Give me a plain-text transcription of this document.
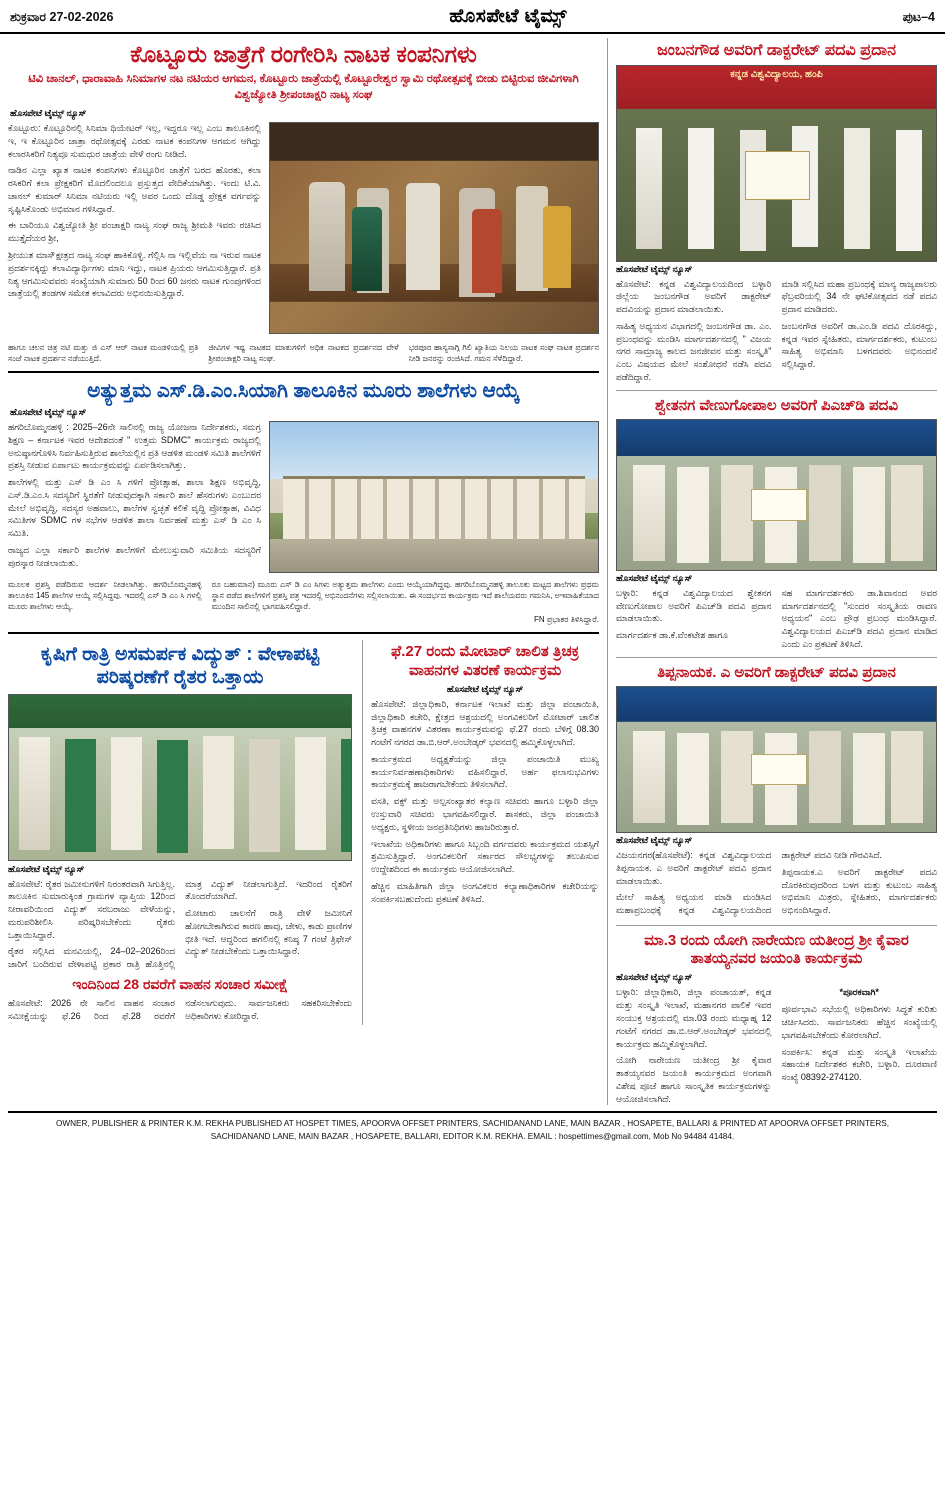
ಶುಕ್ರವಾರ 27-02-2026	ಹೊಸಪೇಟೆ ಟೈಮ್ಸ್	ಪುಟ–4
ಕೊಟ್ಟೂರು ಜಾತ್ರೆಗೆ ರಂಗೇರಿಸಿ ನಾಟಕ ಕಂಪನಿಗಳು
ಟಿವಿ ಚಾನಲ್, ಧಾರಾವಾಹಿ ಸಿನಿಮಾಗಳ ನಟ ನಟಿಯರ ಆಗಮನ, ಕೊಟ್ಟೂರು ಜಾತ್ರೆಯಲ್ಲಿ ಕೊಟ್ಟೂರೇಶ್ವರ ಸ್ವಾಮಿ ರಥೋತ್ಸವಕ್ಕೆ ಬೀಡು ಬಿಟ್ಟಿರುವ ಜೀವಿಗಳಾಗಿ ವಿಶ್ವಜ್ಯೋತಿ ಶ್ರೀಪಂಚಾಕ್ಷರಿ ನಾಟ್ಯ ಸಂಘ
ಹೊಸಪೇಟೆ ಟೈಮ್ಸ್ ನ್ಯೂಸ್

ಕೊಟ್ಟೂರು: ಕೊಟ್ಟೂರಿನಲ್ಲಿ ಸಿನಿಮಾ ಥಿಯೇಟರ್ ಇಲ್ಲ, ಇದ್ದರೂ ಇಲ್ಲ ಎಂಬ ತಾಲೂಕಿನಲ್ಲಿ ಇ, ಇ ಕೊಟ್ಟೂರಿನ ಜಾತ್ರಾ ರಥೋತ್ಸವಕ್ಕೆ ಎರಡು ನಾಟಕ ಕಂಪನಿಗಳ ಆಗಮನ ಆಗಿದ್ದು ಕಲಾರಸಿಕರಿಗೆ ನಿತ್ಯವೂ ಸುಮಧುರ ಜಾತ್ರೆಯ ವೇಳೆ ರಂಗು ನೀಡಿದೆ.

ನಾಡಿನ ಎಲ್ಲಾ ಖ್ಯಾತ ನಾಟಕ ಕಂಪನಿಗಳು ಕೊಟ್ಟೂರಿನ ಜಾತ್ರೆಗೆ ಬರದ ಹೊರತು, ಕಲಾ ರಸಿಕರಿಗೆ ಕಲಾ ಪ್ರೇಕ್ಷಕರಿಗೆ ಮೊದಲಿಂದಲೂ ಪ್ರಸ್ತುತ್ತದ ವೇದಿಕೆಯಾಗಿತ್ತು. ಇಂದು ಟಿ.ವಿ. ಚಾನಲ್ ಕುಮಾರ್ ಸಿನಿಮಾ ನಟಿಯರು ಇಲ್ಲಿ ಅವರ ಒಂದು ದೊಡ್ಡ ಪ್ರೇಕ್ಷಕ ವರ್ಗವನ್ನು ಸೃಷ್ಟಿಸಿಕೊಂಡು ಅಭಿಮಾನ ಗಳಿಸಿದ್ದಾರೆ.

ಈ ಬಾರಿಯೂ ವಿಶ್ವಜ್ಯೋತಿ ಶ್ರೀ ಪಂಚಾಕ್ಷರಿ ನಾಟ್ಯ ಸಂಘ ರಾಜ್ಯ ಶ್ರೀಮತಿ ಇವರು ರಚಿಸಿದ ಮುತ್ತೈದೆಯರ ಶ್ರೀ,

ಶ್ರೀಯುತ ಮಾಸ್ಕ್ಷೇತ್ರದ ನಾಟ್ಯ ಸಂಘ ಹಾಕಿಕೊಳ್ಳಿ. ಗೆಲ್ಲಿಸಿ ನಾ ಇಲ್ಲಿವೆಯ ನಾ ಇರುವ ನಾಟಕ ಪ್ರದರ್ಶನಕ್ಕಿದ್ದು ಕಲಾವಿದ್ಯಾರ್ಥಿಗಳು ಮಾನಿ ಇದ್ದು, ನಾಟಕ ಪ್ರಿಯರು ಆಗಮಿಸುತ್ತಿದ್ದಾರೆ. ಪ್ರತಿ ನಿತ್ಯ ಆಗಮಿಸುವವರು ಸಂಖ್ಯೆಯಾಗಿ ಸುಮಾರು 50 ರಿಂದ 60 ಜನರು ನಾಟಕ ಗುಂಪುಗಳಿಂದ ಜಾತ್ರೆಯಲ್ಲಿ ತಂಡಗಳ ಸಮೇತ ಕಲಾವಿದರು ಅಭಿನಯಿಸುತ್ತಿದ್ದಾರೆ.

ಹಾಗೂ ಚಲನ ಚಿತ್ರ ನಟಿ ಮತ್ತು ಜಿ ಎಸ್ ಆರ್ ನಾಟಕ ಮಂಡಳಿಯಲ್ಲಿ ಪ್ರತಿ ಸಂಜೆ ನಾಟಕ ಪ್ರದರ್ಶನ ನಡೆಯುತ್ತಿದೆ.

ಜೀವಿಗಳ ಇಷ್ಟ ನಾಟಕದ ಮಾತುಗಳಿಗೆ ಅಧಿಕ ನಾಟಕದ ಪ್ರದರ್ಶನದ ವೇಳೆ ಶ್ರೀಪಂಚಾಕ್ಷರಿ ನಾಟ್ಯ ಸಂಘ.

ಭರಪೂರ ಹಾಸ್ಯಸಾಗ್ಗಿ ಗಿಲಿ ಖ್ಯಾತಿಯ ನಿಲಯ ನಾಟಕ ಸಂಘ ನಾಟಕ ಪ್ರದರ್ಶನ ನೀಡಿ ಜನರನ್ನು ರಂಜಿಸಿದೆ. ಗಮನ ಸೆಳೆದಿದ್ದಾರೆ.

ಅತ್ಯುತ್ತಮ ಎಸ್‌.ಡಿ.ಎಂ.ಸಿಯಾಗಿ ತಾಲೂಕಿನ ಮೂರು ಶಾಲೆಗಳು ಆಯ್ಕೆ
ಹೊಸಪೇಟೆ ಟೈಮ್ಸ್ ನ್ಯೂಸ್

ಹಗರಿಬೊಮ್ಮನಹಳ್ಳಿ : 2025–26ನೇ ಸಾಲಿನಲ್ಲಿ ರಾಜ್ಯ ಯೋಜನಾ ನಿರ್ದೇಶಕರು, ಸಮಗ್ರ ಶಿಕ್ಷಣ – ಕರ್ನಾಟಕ ಇವರ ಆದೇಶದಂತೆ " ಉತ್ತಮ SDMC" ಕಾರ್ಯಕ್ರಮ ರಾಜ್ಯದಲ್ಲಿ ಅನುಷ್ಠಾನಗೊಳಿಸಿ ನಿರ್ವಹಿಸುತ್ತಿರುವ ಶಾಲೆಯಲ್ಲಿನ ಪ್ರತಿ ಆಡಳಿತ ಮಂಡಳಿ ಸಮಿತಿ ಶಾಲೆಗಳಿಗೆ ಪ್ರಶಸ್ತಿ ನೀಡುವ ಏರ್ಪಾಟು ಕಾರ್ಯಕ್ರಮವನ್ನು ಏರ್ಪಡಿಸಲಾಗಿತ್ತು.

ಶಾಲೆಗಳಲ್ಲಿ ಮತ್ತು ಎಸ್ ಡಿ ಎಂ ಸಿ ಗಳಿಗೆ ಪ್ರೋತ್ಸಾಹ, ಶಾಲಾ ಶಿಕ್ಷಣ ಅಭಿವೃದ್ಧಿ, ಎಸ್.ಡಿ.ಎಂ.ಸಿ ಸದಸ್ಯರಿಗೆ ಸ್ಥಿರತೆಗೆ ನೀಡುವುದಕ್ಕಾಗಿ ಸರ್ಕಾರಿ ಶಾಲೆ ಹೆಸರುಗಳು ಎಂಬುದರ ಮೇಲೆ ಅಭಿವೃದ್ಧಿ, ಸದಸ್ಯರ ಅಹವಾಲು, ಶಾಲೆಗಳ ಸ್ವಚ್ಛತೆ ಕಲಿಕೆ ವೃದ್ಧಿ ಪ್ರೋತ್ಸಾಹ, ವಿವಿಧ ಸಮಿತಿಗಳ SDMC ಗಳ ಸಭೆಗಳ ಆಡಳಿತ ಶಾಲಾ ನಿರ್ವಹಣೆ ಮತ್ತು ಎಸ್ ಡಿ ಎಂ ಸಿ ಸಮಿತಿ.

ರಾಜ್ಯದ ಎಲ್ಲಾ ಸರ್ಕಾರಿ ಶಾಲೆಗಳ ಶಾಲೆಗಳಿಗೆ ಮೇಲುಸ್ತುವಾರಿ ಸಮಿತಿಯ ಸದಸ್ಯರಿಗೆ ಪುರಸ್ಕಾರ ನೀಡಲಾಯಿತು.

ಮೂಲಕ ಪ್ರಶಸ್ತಿ ಪಡೆದಿರುವ ಆದರ್ಶ ನೀಡಲಾಗಿತ್ತು. ಹಗರಿಬೊಮ್ಮನಹಳ್ಳಿ ತಾಲೂಕಿನ 145 ಶಾಲೆಗಳ ಆಯ್ಕೆ ಸಲ್ಲಿಸಿದ್ದವು. ಇದರಲ್ಲಿ ಎಸ್ ಡಿ ಎಂ ಸಿ ಗಳಲ್ಲಿ ಮೂರು ಶಾಲೆಗಳು ಆಯ್ಕೆ.

ರೂ ಬಹುಮಾನ) ಮೂರು ಎಸ್ ಡಿ ಎಂ ಸಿಗಳು ಅತ್ಯುತ್ತಮ ಶಾಲೆಗಳು ಎಂದು ಆಯ್ಕೆಯಾಗಿದ್ದವು. ಹಗರಿಬೊಮ್ಮನಹಳ್ಳಿ ತಾಲೂಕು ಮಟ್ಟದ ಶಾಲೆಗಳು ಪ್ರಥಮ ಸ್ಥಾನ ಪಡೆದ ಶಾಲೆಗಳಿಗೆ ಪ್ರಶಸ್ತಿ ಪತ್ರ ಇದರಲ್ಲಿ ಅಭಿನಂದನೆಗಳು ಸಲ್ಲಿಸಲಾಯಿತು. ಈ ಸಂದರ್ಭದ ಕಾರ್ಯಕ್ರಮ ಇದೆ ಶಾಲೆಯವರು ಗಮನಿಸಿ, ಅಇವಾಹಿಕೆಯಾದ ಮುಂದಿನ ಸಾಲಿನಲ್ಲಿ ಭಾಗವಹಿಸಲಿದ್ದಾರೆ.

FN ಪ್ರಭಾಕರ ತಿಳಿಸಿದ್ದಾರೆ.

ಕೃಷಿಗೆ ರಾತ್ರಿ ಅಸಮರ್ಪಕ ವಿದ್ಯುತ್ : ವೇಳಾಪಟ್ಟಿ ಪರಿಷ್ಕರಣೆಗೆ ರೈತರ ಒತ್ತಾಯ
ಹೊಸಪೇಟೆ ಟೈಮ್ಸ್ ನ್ಯೂಸ್

ಹೊಸಪೇಟೆ: ರೈತರ ಜಮೀನುಗಳಿಗೆ ನಿರಂತರವಾಗಿ ಸಿಗುತ್ತಿಲ್ಲ. ತಾಲೂಕಿನ ಸುಮಾರುಕ್ಕಿಂತ ಗ್ರಾಮಗಳ ವ್ಯಾಪ್ತಿಯ 12ರಿಂದ ನೀರಾವರಿಯಿಂದ ವಿದ್ಯುತ್ ಸರಬರಾಜು ವೇಳೆಯನ್ನು, ಮರುಪರಿಶೀಲಿಸಿ ಪರಿಷ್ಕರಿಸಬೇಕೆಂದು ರೈತರು ಒತ್ತಾಯಿಸಿದ್ದಾರೆ.

ರೈತರ ಸಲ್ಲಿಸಿದ ಮನವಿಯಲ್ಲಿ, 24–02–2026ರಿಂದ ಜಾರಿಗೆ ಬಂದಿರುವ ವೇಳಾಪಟ್ಟಿ ಪ್ರಕಾರ ರಾತ್ರಿ ಹೊತ್ತಿನಲ್ಲಿ ಮಾತ್ರ ವಿದ್ಯುತ್ ನೀಡಲಾಗುತ್ತಿದೆ. ಇದರಿಂದ ರೈತರಿಗೆ ತೊಂದರೆಯಾಗಿದೆ.

ಮೋಟಾರು ಚಾಲನೆಗೆ ರಾತ್ರಿ ವೇಳೆ ಜಮೀನಿಗೆ ಹೋಗಬೇಕಾಗಿರುವ ಕಾರಣ ಹಾವು, ಚೇಳು, ಕಾಡು ಪ್ರಾಣಿಗಳ ಭೀತಿ ಇದೆ. ಆದ್ದರಿಂದ ಹಗಲಿನಲ್ಲಿ ಕನಿಷ್ಠ 7 ಗಂಟೆ ತ್ರಿಫೇಸ್ ವಿದ್ಯುತ್ ನೀಡಬೇಕೆಂದು ಒತ್ತಾಯಿಸಿದ್ದಾರೆ.

ಇಂದಿನಿಂದ 28 ರವರೆಗೆ ವಾಹನ ಸಂಚಾರ ಸಮೀಕ್ಷೆ

ಹೊಸಪೇಟೆ: 2026 ನೇ ಸಾಲಿನ ವಾಹನ ಸಂಚಾರ ಸಮೀಕ್ಷೆಯನ್ನು ಫೆ.26 ರಿಂದ ಫೆ.28 ರವರೆಗೆ ನಡೆಸಲಾಗುವುದು. ಸಾರ್ವಜನಿಕರು ಸಹಕರಿಸಬೇಕೆಂದು ಅಧಿಕಾರಿಗಳು ಕೋರಿದ್ದಾರೆ.

ಫೆ.27 ರಂದು ಮೋಟಾರ್ ಚಾಲಿತ ತ್ರಿಚಕ್ರ ವಾಹನಗಳ ವಿತರಣೆ ಕಾರ್ಯಕ್ರಮ
ಹೊಸಪೇಟೆ ಟೈಮ್ಸ್ ನ್ಯೂಸ್

ಹೊಸಪೇಟೆ: ಜಿಲ್ಲಾಧಿಕಾರಿ, ಕರ್ನಾಟಕ ಇಲಾಖೆ ಮತ್ತು ಜಿಲ್ಲಾ ಪಂಚಾಯಿತಿ, ಜಿಲ್ಲಾಧಿಕಾರಿ ಕಚೇರಿ, ಕ್ಷೇತ್ರದ ಆಶ್ರಯದಲ್ಲಿ ಅಂಗವಿಕಲರಿಗೆ ಮೋಟಾರ್ ಚಾಲಿತ ತ್ರಿಚಕ್ರ ವಾಹನಗಳ ವಿತರಣಾ ಕಾರ್ಯಕ್ರಮವನ್ನು ಫೆ.27 ರಂದು ಬೆಳಿಗ್ಗೆ 08.30 ಗಂಟೆಗೆ ನಗರದ ಡಾ.ಬಿ.ಆರ್.ಅಂಬೇಡ್ಕರ್ ಭವನದಲ್ಲಿ ಹಮ್ಮಿಕೊಳ್ಳಲಾಗಿದೆ.

ಕಾರ್ಯಕ್ರಮದ ಅಧ್ಯಕ್ಷತೆಯನ್ನು ಜಿಲ್ಲಾ ಪಂಚಾಯಿತಿ ಮುಖ್ಯ ಕಾರ್ಯನಿರ್ವಹಣಾಧಿಕಾರಿಗಳು ವಹಿಸಲಿದ್ದಾರೆ. ಅರ್ಹ ಫಲಾನುಭವಿಗಳು ಕಾರ್ಯಕ್ರಮಕ್ಕೆ ಹಾಜರಾಗಬೇಕೆಂದು ತಿಳಿಸಲಾಗಿದೆ.

ವಸತಿ, ವಕ್ಫ್ ಮತ್ತು ಅಲ್ಪಸಂಖ್ಯಾತರ ಕಲ್ಯಾಣ ಸಚಿವರು ಹಾಗೂ ಬಳ್ಳಾರಿ ಜಿಲ್ಲಾ ಉಸ್ತುವಾರಿ ಸಚಿವರು ಭಾಗವಹಿಸಲಿದ್ದಾರೆ. ಶಾಸಕರು, ಜಿಲ್ಲಾ ಪಂಚಾಯಿತಿ ಅಧ್ಯಕ್ಷರು, ಸ್ಥಳೀಯ ಜನಪ್ರತಿನಿಧಿಗಳು ಹಾಜರಿರುತ್ತಾರೆ.

ಇಲಾಖೆಯ ಅಧಿಕಾರಿಗಳು ಹಾಗೂ ಸಿಬ್ಬಂದಿ ವರ್ಗದವರು ಕಾರ್ಯಕ್ರಮದ ಯಶಸ್ಸಿಗೆ ಶ್ರಮಿಸುತ್ತಿದ್ದಾರೆ. ಅಂಗವಿಕಲರಿಗೆ ಸರ್ಕಾರದ ಸೌಲಭ್ಯಗಳನ್ನು ತಲುಪಿಸುವ ಉದ್ದೇಶದಿಂದ ಈ ಕಾರ್ಯಕ್ರಮ ಆಯೋಜಿಸಲಾಗಿದೆ.

ಹೆಚ್ಚಿನ ಮಾಹಿತಿಗಾಗಿ ಜಿಲ್ಲಾ ಅಂಗವಿಕಲರ ಕಲ್ಯಾಣಾಧಿಕಾರಿಗಳ ಕಚೇರಿಯನ್ನು ಸಂಪರ್ಕಿಸಬಹುದೆಂದು ಪ್ರಕಟಣೆ ತಿಳಿಸಿದೆ.

ಜಂಬನಗೌಡ ಅವರಿಗೆ ಡಾಕ್ಟರೇಟ್ ಪದವಿ ಪ್ರದಾನ
ಕನ್ನಡ ವಿಶ್ವವಿದ್ಯಾಲಯ, ಹಂಪಿ
ಹೊಸಪೇಟೆ ಟೈಮ್ಸ್ ನ್ಯೂಸ್

ಹೊಸಪೇಟೆ: ಕನ್ನಡ ವಿಶ್ವವಿದ್ಯಾಲಯದಿಂದ ಬಳ್ಳಾರಿ ಜಿಲ್ಲೆಯ ಜಂಬನಗೌಡ ಅವರಿಗೆ ಡಾಕ್ಟರೇಟ್ ಪದವಿಯನ್ನು ಪ್ರದಾನ ಮಾಡಲಾಯಿತು.

ಸಾಹಿತ್ಯ ಅಧ್ಯಯನ ವಿಭಾಗದಲ್ಲಿ ಜಂಬನಗೌಡ ಡಾ. ಎಂ. ಪ್ರಬಂಧವನ್ನು ಮಂಡಿಸಿ ಮಾರ್ಗದರ್ಶನದಲ್ಲಿ " ವಿಜಯ ನಗರ ಸಾಮ್ರಾಜ್ಯ ಕಾಲದ ಜನಜೀವನ ಮತ್ತು ಸಂಸ್ಕೃತಿ" ಎಂಬ ವಿಷಯದ ಮೇಲೆ ಸಂಶೋಧನೆ ನಡೆಸಿ ಪದವಿ ಪಡೆದಿದ್ದಾರೆ.

ಮಾಡಿ ಸಲ್ಲಿಸಿದ ಮಹಾ ಪ್ರಬಂಧಕ್ಕೆ ಮಾನ್ಯ ರಾಜ್ಯಪಾಲರು ಫೆಬ್ರವರಿಯಲ್ಲಿ 34 ನೇ ಘಟಿಕೋತ್ಸವದ ನಡೆ ಪದವಿ ಪ್ರದಾನ ಮಾಡಿದರು.

ಜಂಬನಗೌಡ ಅವರಿಗೆ ಡಾ.ಎಂ.ಡಿ ಪದವಿ ದೊರಕಿದ್ದು, ಕನ್ನಡ ಇವರ ಸ್ನೇಹಿತರು, ಮಾರ್ಗದರ್ಶಕರು, ಕುಟುಂಬ ಸಾಹಿತ್ಯ ಅಭಿಮಾನಿ ಬಳಗದವರು ಅಭಿನಂದನೆ ಸಲ್ಲಿಸಿದ್ದಾರೆ.

ಶ್ವೇತನಗ ವೇಣುಗೋಪಾಲ ಅವರಿಗೆ ಪಿಎಚ್‌ಡಿ ಪದವಿ
ಹೊಸಪೇಟೆ ಟೈಮ್ಸ್ ನ್ಯೂಸ್

ಬಳ್ಳಾರಿ: ಕನ್ನಡ ವಿಶ್ವವಿದ್ಯಾಲಯದ ಶ್ವೇತನಗ ವೇಣುಗೋಪಾಲ ಅವರಿಗೆ ಪಿಎಚ್‌ಡಿ ಪದವಿ ಪ್ರದಾನ ಮಾಡಲಾಯಿತು.

ಮಾರ್ಗದರ್ಶಕ ಡಾ.ಕೆ.ವೆಂಕಟೇಶ ಹಾಗೂ

ಸಹ ಮಾರ್ಗದರ್ಶಕರು ಡಾ.ಶಿವಾನಂದ ಅವರ ಮಾರ್ಗದರ್ಶನದಲ್ಲಿ "ಸುಂದರ ಸಂಸ್ಕೃತಿಯ ರಾವಣ ಅಧ್ಯಯನ" ಎಂಬ ಪ್ರೌಢ ಪ್ರಬಂಧ ಮಂಡಿಸಿದ್ದಾರೆ. ವಿಶ್ವವಿದ್ಯಾಲಯದ ಪಿಎಚ್‌ಡಿ ಪದವಿ ಪ್ರದಾನ ಮಾಡಿದ ಎಂದು ಎಂ ಪ್ರಕಟಣೆ ತಿಳಿಸಿದೆ.

ತಿಪ್ಪನಾಯಕ. ಎ ಅವರಿಗೆ ಡಾಕ್ಟರೇಟ್ ಪದವಿ ಪ್ರದಾನ
ಹೊಸಪೇಟೆ ಟೈಮ್ಸ್ ನ್ಯೂಸ್

ವಿಜಯನಗರ(ಹೊಸಪೇಟೆ): ಕನ್ನಡ ವಿಶ್ವವಿದ್ಯಾಲಯದ ತಿಪ್ಪನಾಯಕ. ಎ ಅವರಿಗೆ ಡಾಕ್ಟರೇಟ್ ಪದವಿ ಪ್ರದಾನ ಮಾಡಲಾಯಿತು.

ಮೇಲೆ ಸಾಹಿತ್ಯ ಅಧ್ಯಯನ ಮಾಡಿ ಮಂಡಿಸಿದ ಮಹಾಪ್ರಬಂಧಕ್ಕೆ ಕನ್ನಡ ವಿಶ್ವವಿದ್ಯಾಲಯದಿಂದ ಡಾಕ್ಟರೇಟ್ ಪದವಿ ನೀಡಿ ಗೌರವಿಸಿದೆ.

ತಿಪ್ಪನಾಯಕ.ಎ ಅವರಿಗೆ ಡಾಕ್ಟರೇಟ್ ಪದವಿ ದೊರಕಿರುವುದರಿಂದ ಬಳಗ ಮತ್ತು ಕುಟುಂಬ ಸಾಹಿತ್ಯ ಅಭಿಮಾನಿ ಮಿತ್ರರು, ಸ್ನೇಹಿತರು, ಮಾರ್ಗದರ್ಶಕರು ಅಭಿನಂದಿಸಿದ್ದಾರೆ.

ಮಾ.3 ರಂದು ಯೋಗಿ ನಾರೇಯಣ ಯತೀಂದ್ರ ಶ್ರೀ ಕೈವಾರ ತಾತಯ್ಯನವರ ಜಯಂತಿ ಕಾರ್ಯಕ್ರಮ
ಹೊಸಪೇಟೆ ಟೈಮ್ಸ್ ನ್ಯೂಸ್

ಬಳ್ಳಾರಿ: ಜಿಲ್ಲಾಧಿಕಾರಿ, ಜಿಲ್ಲಾ ಪಂಚಾಯತ್, ಕನ್ನಡ ಮತ್ತು ಸಂಸ್ಕೃತಿ ಇಲಾಖೆ, ಮಹಾನಗರ ಪಾಲಿಕೆ ಇವರ ಸಂಯುಕ್ತ ಆಶ್ರಯದಲ್ಲಿ ಮಾ.03 ರಂದು ಮಧ್ಯಾಹ್ನ 12 ಗಂಟೆಗೆ ನಗರದ ಡಾ.ಬಿ.ಆರ್.ಅಂಬೇಡ್ಕರ್ ಭವನದಲ್ಲಿ ಕಾರ್ಯಕ್ರಮ ಹಮ್ಮಿಕೊಳ್ಳಲಾಗಿದೆ.

ಯೋಗಿ ನಾರೇಯಣ ಯತೀಂದ್ರ ಶ್ರೀ ಕೈವಾರ ತಾತಯ್ಯನವರ ಜಯಂತಿ ಕಾರ್ಯಕ್ರಮದ ಅಂಗವಾಗಿ ವಿಶೇಷ ಪೂಜೆ ಹಾಗೂ ಸಾಂಸ್ಕೃತಿಕ ಕಾರ್ಯಕ್ರಮಗಳನ್ನು ಆಯೋಜಿಸಲಾಗಿದೆ.

*ಪೂರಕವಾಗಿ*

ಪೂರ್ವಭಾವಿ ಸಭೆಯಲ್ಲಿ ಅಧಿಕಾರಿಗಳು ಸಿದ್ಧತೆ ಕುರಿತು ಚರ್ಚಿಸಿದರು. ಸಾರ್ವಜನಿಕರು ಹೆಚ್ಚಿನ ಸಂಖ್ಯೆಯಲ್ಲಿ ಭಾಗವಹಿಸಬೇಕೆಂದು ಕೋರಲಾಗಿದೆ.

ಸಂಪರ್ಕಿಸಿ: ಕನ್ನಡ ಮತ್ತು ಸಂಸ್ಕೃತಿ ಇಲಾಖೆಯ ಸಹಾಯಕ ನಿರ್ದೇಶಕರ ಕಚೇರಿ, ಬಳ್ಳಾರಿ. ದೂರವಾಣಿ ಸಂಖ್ಯೆ 08392-274120.

OWNER, PUBLISHER & PRINTER K.M. REKHA PUBLISHED AT HOSPET TIMES, APOORVA OFFSET PRINTERS, SACHIDANAND LANE, MAIN BAZAR , HOSAPETE, BALLARI & PRINTED AT APOORVA OFFSET PRINTERS,
SACHIDANAND LANE, MAIN BAZAR , HOSAPETE, BALLARI, EDITOR K.M. REKHA. EMAIL : hospettimes@gmail.com, Mob No 94484 41484.
